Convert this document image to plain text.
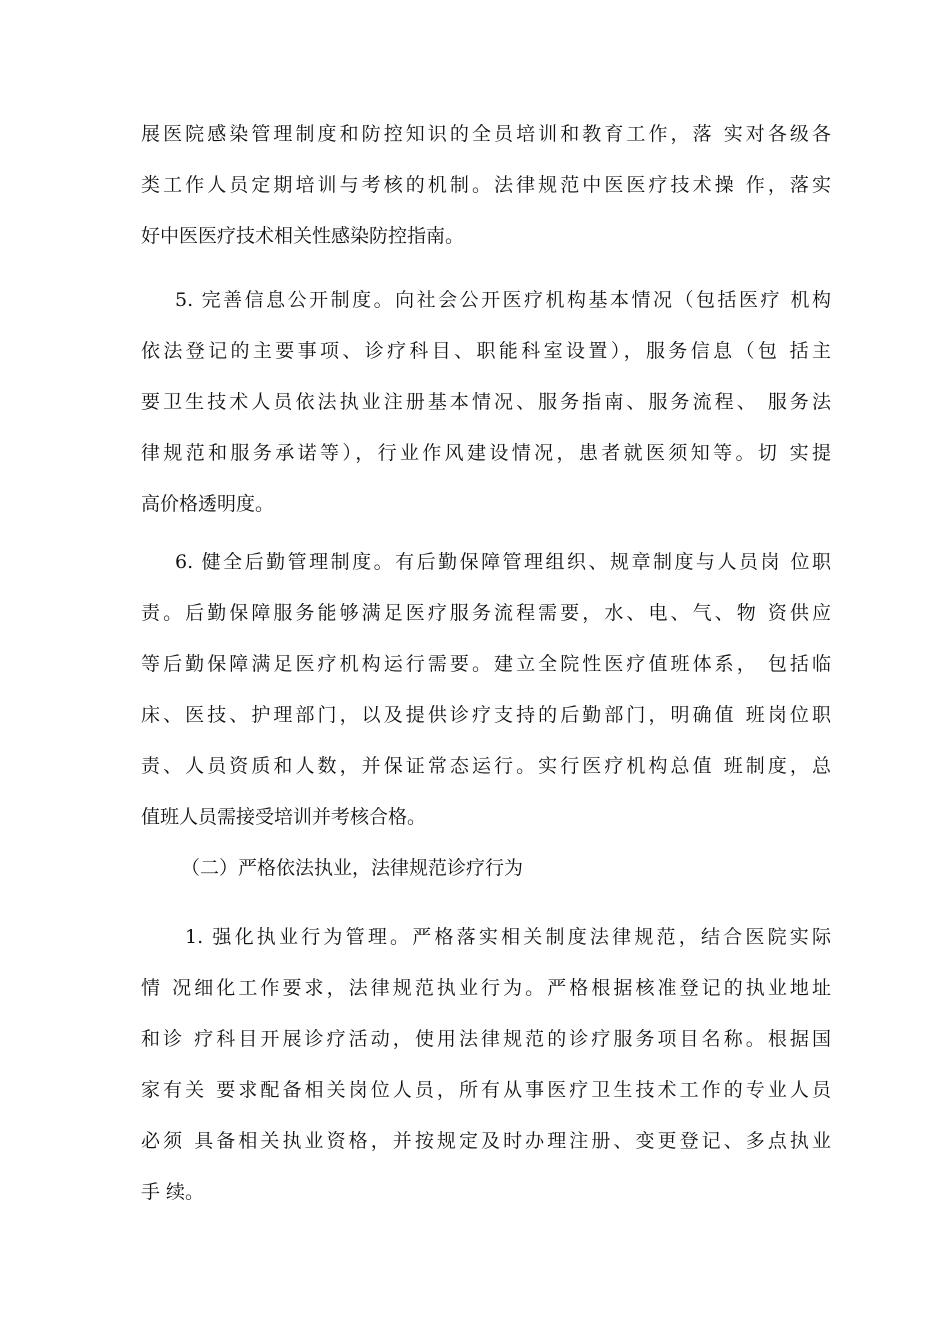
展医院感染管理制度和防控知识的全员培训和教育工作，落 实对各级各
类工作人员定期培训与考核的机制。法律规范中医医疗技术操 作，落实
好中医医疗技术相关性感染防控指南。
5. 完善信息公开制度。向社会公开医疗机构基本情况（包括医疗 机构
依法登记的主要事项、诊疗科目、职能科室设置），服务信息（包 括主
要卫生技术人员依法执业注册基本情况、服务指南、服务流程、 服务法
律规范和服务承诺等），行业作风建设情况，患者就医须知等。切 实提
高价格透明度。
6. 健全后勤管理制度。有后勤保障管理组织、规章制度与人员岗 位职
责。后勤保障服务能够满足医疗服务流程需要，水、电、气、物 资供应
等后勤保障满足医疗机构运行需要。建立全院性医疗值班体系， 包括临
床、医技、护理部门，以及提供诊疗支持的后勤部门，明确值 班岗位职
责、人员资质和人数，并保证常态运行。实行医疗机构总值 班制度，总
值班人员需接受培训并考核合格。
（二）严格依法执业，法律规范诊疗行为
1. 强化执业行为管理。严格落实相关制度法律规范，结合医院实际
情 况细化工作要求，法律规范执业行为。严格根据核准登记的执业地址
和诊 疗科目开展诊疗活动，使用法律规范的诊疗服务项目名称。根据国
家有关 要求配备相关岗位人员，所有从事医疗卫生技术工作的专业人员
必须 具备相关执业资格，并按规定及时办理注册、变更登记、多点执业
手 续。
